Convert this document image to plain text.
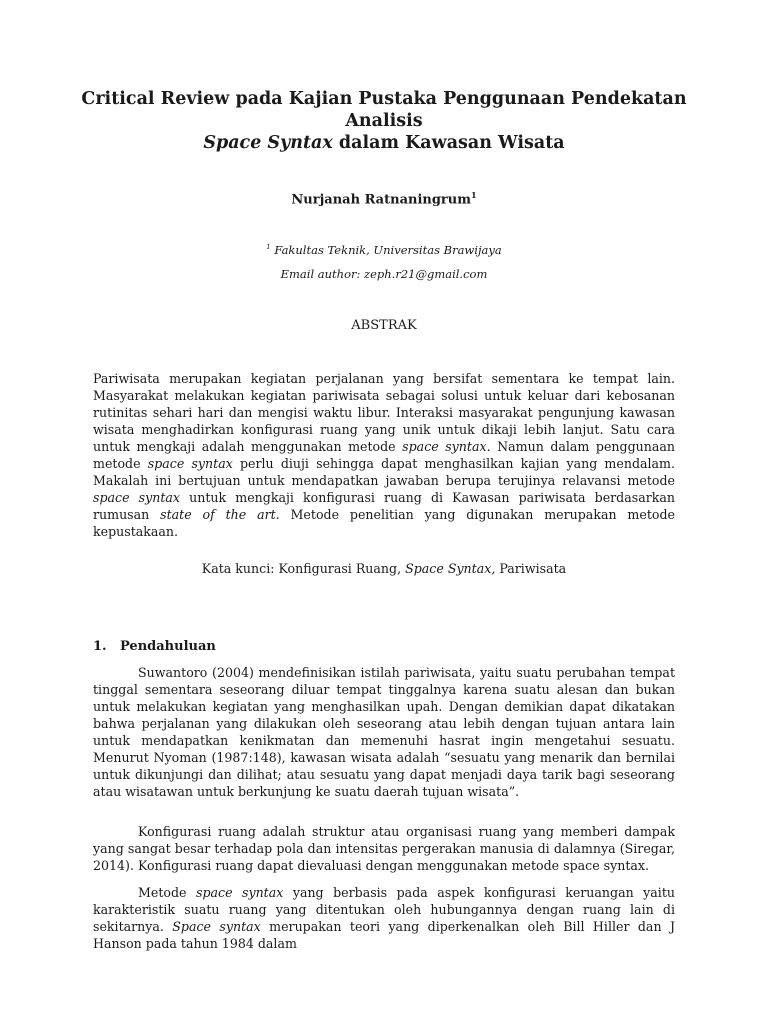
Critical Review pada Kajian Pustaka Penggunaan Pendekatan Analisis
Space Syntax dalam Kawasan Wisata
Nurjanah Ratnaningrum$^1$
$^1$ Fakultas Teknik, Universitas Brawijaya
Email author: zeph.r21@gmail.com
ABSTRAK

Pariwisata merupakan kegiatan perjalanan yang bersifat sementara ke tempat lain. Masyarakat melakukan kegiatan pariwisata sebagai solusi untuk keluar dari kebosanan rutinitas sehari hari dan mengisi waktu libur. Interaksi masyarakat pengunjung kawasan wisata menghadirkan konfigurasi ruang yang unik untuk dikaji lebih lanjut. Satu cara untuk mengkaji adalah menggunakan metode space syntax. Namun dalam penggunaan metode space syntax perlu diuji sehingga dapat menghasilkan kajian yang mendalam. Makalah ini bertujuan untuk mendapatkan jawaban berupa terujinya relavansi metode space syntax untuk mengkaji konfigurasi ruang di Kawasan pariwisata berdasarkan rumusan state of the art. Metode penelitian yang digunakan merupakan metode kepustakaan.

Kata kunci: Konfigurasi Ruang, Space Syntax, Pariwisata
1. Pendahuluan

Suwantoro (2004) mendefinisikan istilah pariwisata, yaitu suatu perubahan tempat tinggal sementara seseorang diluar tempat tinggalnya karena suatu alesan dan bukan untuk melakukan kegiatan yang menghasilkan upah. Dengan demikian dapat dikatakan bahwa perjalanan yang dilakukan oleh seseorang atau lebih dengan tujuan antara lain untuk mendapatkan kenikmatan dan memenuhi hasrat ingin mengetahui sesuatu. Menurut Nyoman (1987:148), kawasan wisata adalah “sesuatu yang menarik dan bernilai untuk dikunjungi dan dilihat; atau sesuatu yang dapat menjadi daya tarik bagi seseorang atau wisatawan untuk berkunjung ke suatu daerah tujuan wisata”.

Konfigurasi ruang adalah struktur atau organisasi ruang yang memberi dampak yang sangat besar terhadap pola dan intensitas pergerakan manusia di dalamnya (Siregar, 2014). Konfigurasi ruang dapat dievaluasi dengan menggunakan metode space syntax.

Metode space syntax yang berbasis pada aspek konfigurasi keruangan yaitu karakteristik suatu ruang yang ditentukan oleh hubungannya dengan ruang lain di sekitarnya. Space syntax merupakan teori yang diperkenalkan oleh Bill Hiller dan J Hanson pada tahun 1984 dalam
